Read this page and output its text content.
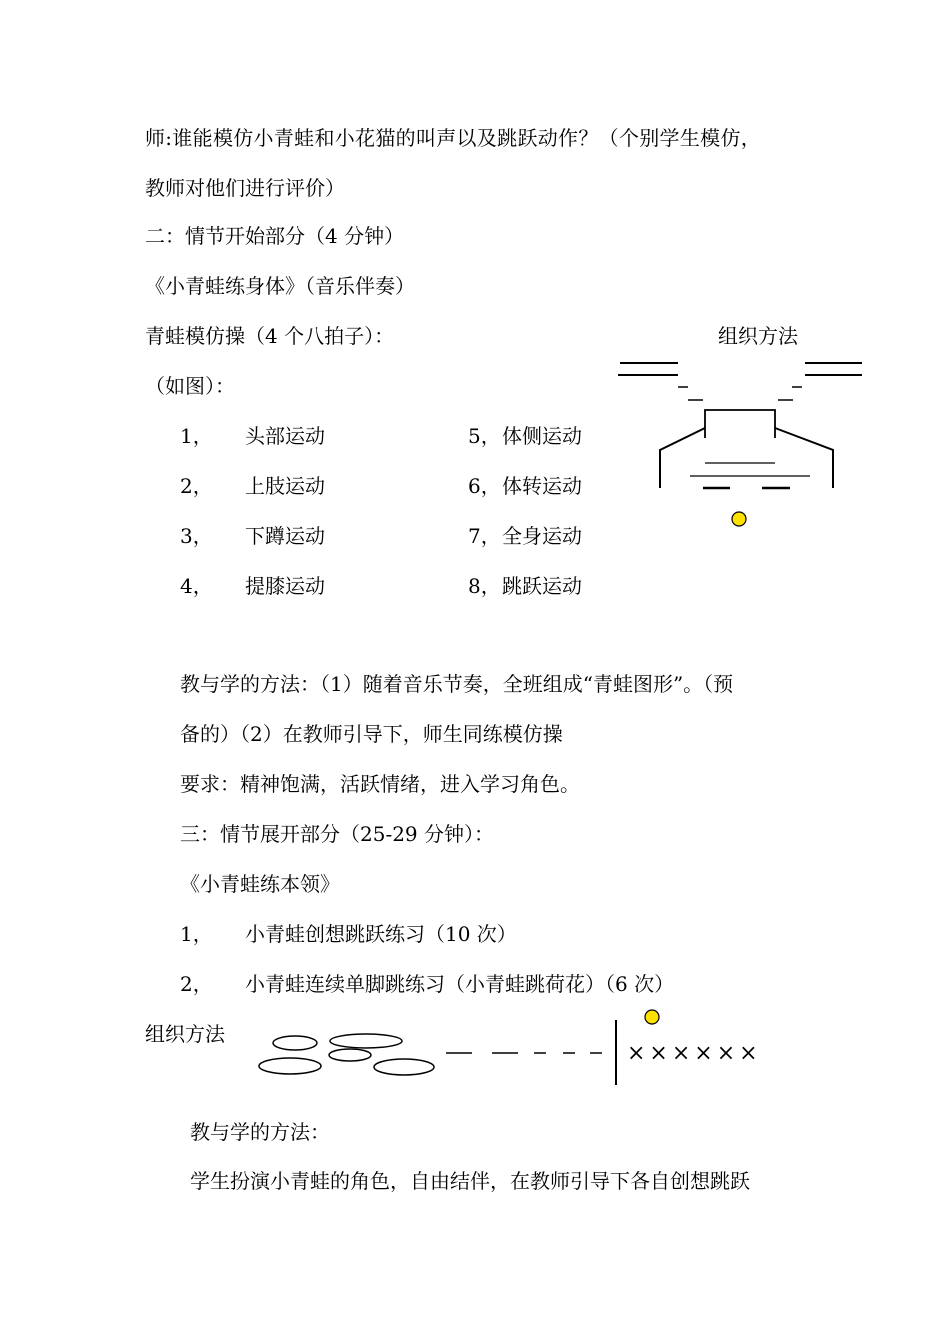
师:谁能模仿小青蛙和小花猫的叫声以及跳跃动作？（个别学生模仿，
教师对他们进行评价）
二：情节开始部分（4 分钟）
《小青蛙练身体》（音乐伴奏）
青蛙模仿操（4 个八拍子）：	组织方法
（如图）：
1， 头部运动
2， 上肢运动
3， 下蹲运动
4， 提膝运动
5， 体侧运动
6， 体转运动
7， 全身运动
8， 跳跃运动
教与学的方法：（1）随着音乐节奏，全班组成“青蛙图形”。（预
备的）（2）在教师引导下，师生同练模仿操
要求：精神饱满，活跃情绪，进入学习角色。
三：情节展开部分（25-29 分钟）：
《小青蛙练本领》
1， 小青蛙创想跳跃练习（10 次）
2， 小青蛙连续单脚跳练习（小青蛙跳荷花）（6 次）
组织方法
××××××
教与学的方法：
学生扮演小青蛙的角色，自由结伴，在教师引导下各自创想跳跃
